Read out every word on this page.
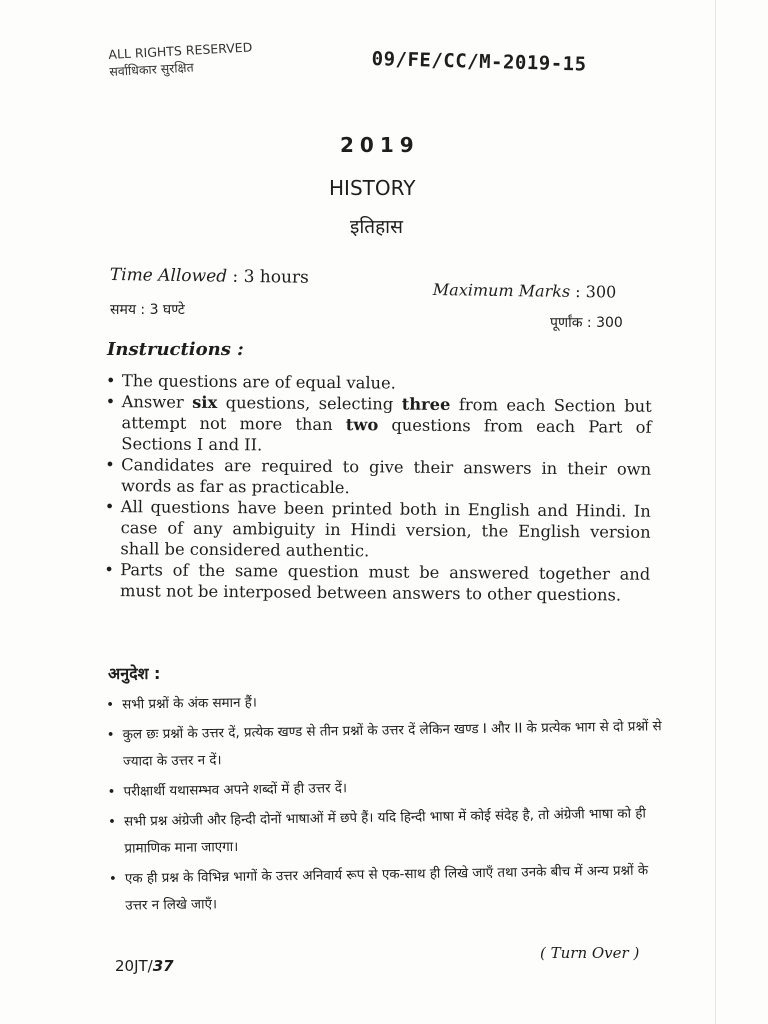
ALL RIGHTS RESERVED
सर्वाधिकार सुरक्षित	09/FE/CC/M-2019-15
2019
HISTORY
इतिहास
Time Allowed : 3 hours
समय : 3 घण्टे
Maximum Marks : 300
पूर्णांक : 300
Instructions :
• The questions are of equal value.
• Answer six questions, selecting three from each Section but attempt not more than two questions from each Part of Sections I and II.
• Candidates are required to give their answers in their own words as far as practicable.
• All questions have been printed both in English and Hindi. In case of any ambiguity in Hindi version, the English version shall be considered authentic.
• Parts of the same question must be answered together and must not be interposed between answers to other questions.
अनुदेश :
• सभी प्रश्नों के अंक समान हैं।
• कुल छः प्रश्नों के उत्तर दें, प्रत्येक खण्ड से तीन प्रश्नों के उत्तर दें लेकिन खण्ड I और II के प्रत्येक भाग से दो प्रश्नों से ज्यादा के उत्तर न दें।
• परीक्षार्थी यथासम्भव अपने शब्दों में ही उत्तर दें।
• सभी प्रश्न अंग्रेजी और हिन्दी दोनों भाषाओं में छपे हैं। यदि हिन्दी भाषा में कोई संदेह है, तो अंग्रेजी भाषा को ही प्रामाणिक माना जाएगा।
• एक ही प्रश्न के विभिन्न भागों के उत्तर अनिवार्य रूप से एक-साथ ही लिखे जाएँ तथा उनके बीच में अन्य प्रश्नों के उत्तर न लिखे जाएँ।
( Turn Over )
20JT/37
